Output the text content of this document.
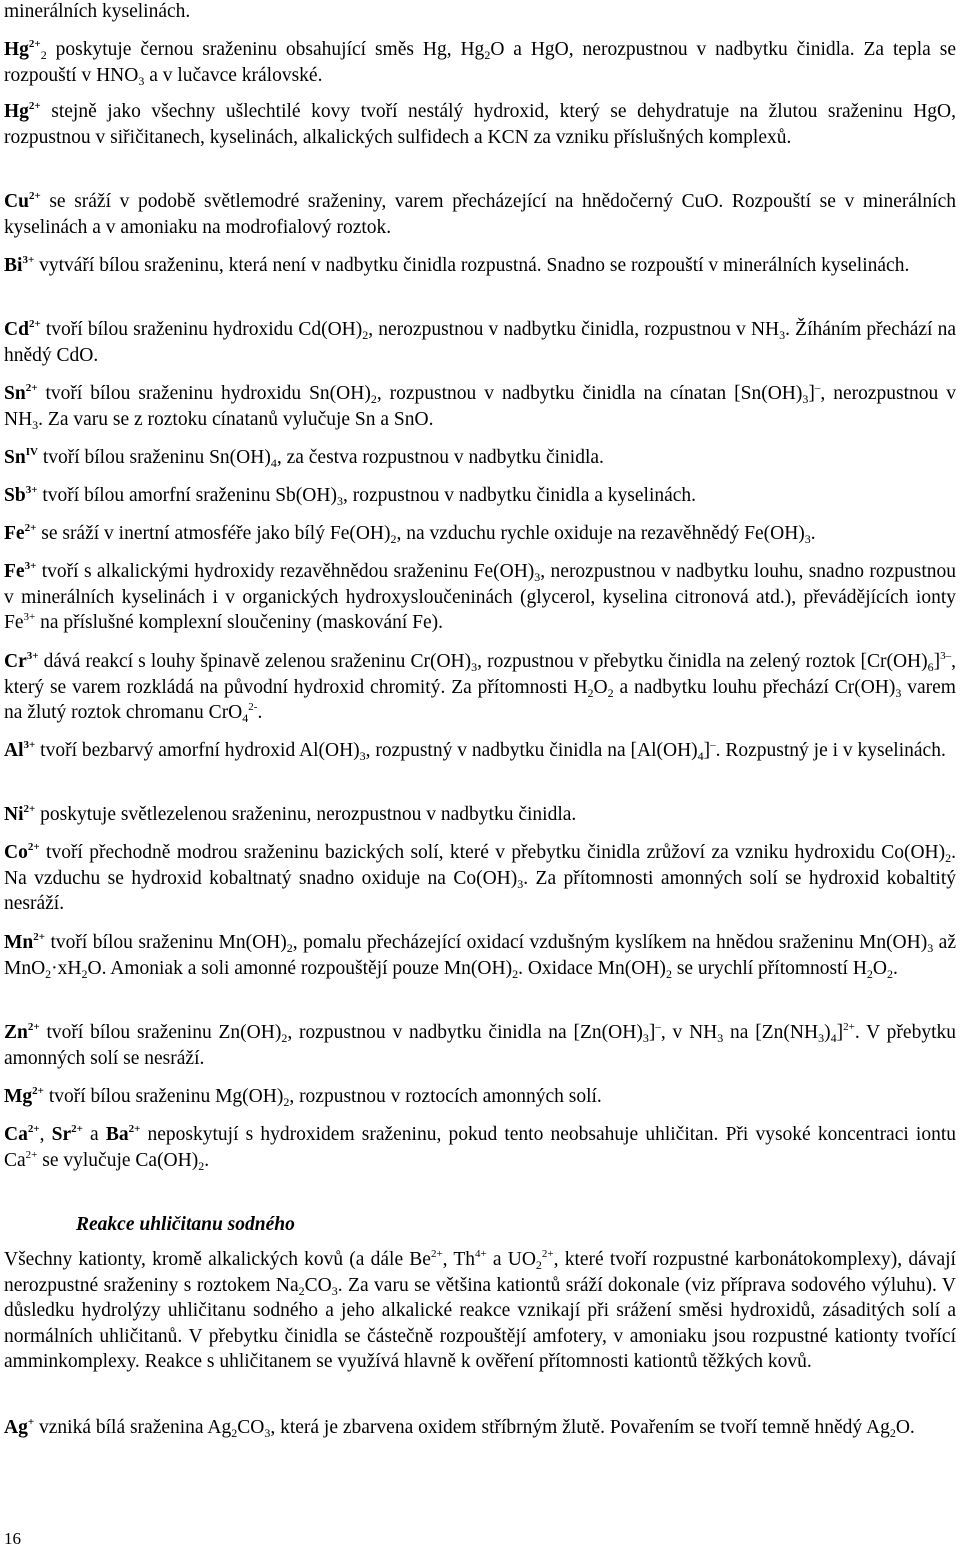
minerálních kyselinách.
$Hg^{2+}_2$ poskytuje černou sraženinu obsahující směs Hg, $Hg_2O$ a HgO, nerozpustnou v nadbytku činidla. Za tepla se rozpouští v $HNO_3$ a v lučavce královské.
$Hg^{2+}$ stejně jako všechny ušlechtilé kovy tvoří nestálý hydroxid, který se dehydratuje na žlutou sraženinu HgO, rozpustnou v siřičitanech, kyselinách, alkalických sulfidech a KCN za vzniku příslušných komplexů.
$Cu^{2+}$ se sráží v podobě světlemodré sraženiny, varem přecházející na hnědočerný CuO. Rozpouští se v minerálních kyselinách a v amoniaku na modrofialový roztok.
$Bi^{3+}$ vytváří bílou sraženinu, která není v nadbytku činidla rozpustná. Snadno se rozpouští v minerálních kyselinách.
$Cd^{2+}$ tvoří bílou sraženinu hydroxidu $Cd(OH)_2$, nerozpustnou v nadbytku činidla, rozpustnou v $NH_3$. Žíháním přechází na hnědý CdO.
$Sn^{2+}$ tvoří bílou sraženinu hydroxidu $Sn(OH)_2$, rozpustnou v nadbytku činidla na cínatan $[Sn(OH)_3]^-$, nerozpustnou v $NH_3$. Za varu se z roztoku cínatanů vylučuje Sn a SnO.
$Sn^{IV}$ tvoří bílou sraženinu $Sn(OH)_4$, za čestva rozpustnou v nadbytku činidla.
$Sb^{3+}$ tvoří bílou amorfní sraženinu $Sb(OH)_3$, rozpustnou v nadbytku činidla a kyselinách.
$Fe^{2+}$ se sráží v inertní atmosféře jako bílý $Fe(OH)_2$, na vzduchu rychle oxiduje na rezavěhnědý $Fe(OH)_3$.
$Fe^{3+}$ tvoří s alkalickými hydroxidy rezavěhnědou sraženinu $Fe(OH)_3$, nerozpustnou v nadbytku louhu, snadno rozpustnou v minerálních kyselinách i v organických hydroxysloučeninách (glycerol, kyselina citronová atd.), převádějících ionty $Fe^{3+}$ na příslušné komplexní sloučeniny (maskování Fe).
$Cr^{3+}$ dává reakcí s louhy špinavě zelenou sraženinu $Cr(OH)_3$, rozpustnou v přebytku činidla na zelený roztok $[Cr(OH)_6]^{3-}$, který se varem rozkládá na původní hydroxid chromitý. Za přítomnosti $H_2O_2$ a nadbytku louhu přechází $Cr(OH)_3$ varem na žlutý roztok chromanu CrO$_4^{2-}$.
$Al^{3+}$ tvoří bezbarvý amorfní hydroxid $Al(OH)_3$, rozpustný v nadbytku činidla na $[Al(OH)_4]^-$. Rozpustný je i v kyselinách.
$Ni^{2+}$ poskytuje světlezelenou sraženinu, nerozpustnou v nadbytku činidla.
$Co^{2+}$ tvoří přechodně modrou sraženinu bazických solí, které v přebytku činidla zrůžoví za vzniku hydroxidu $Co(OH)_2$. Na vzduchu se hydroxid kobaltnatý snadno oxiduje na $Co(OH)_3$. Za přítomnosti amonných solí se hydroxid kobaltitý nesráží.
$Mn^{2+}$ tvoří bílou sraženinu $Mn(OH)_2$, pomalu přecházející oxidací vzdušným kyslíkem na hnědou sraženinu $Mn(OH)_3$ až $MnO_2\cdot xH_2O$. Amoniak a soli amonné rozpouštějí pouze $Mn(OH)_2$. Oxidace $Mn(OH)_2$ se urychlí přítomností $H_2O_2$.
$Zn^{2+}$ tvoří bílou sraženinu $Zn(OH)_2$, rozpustnou v nadbytku činidla na $[Zn(OH)_3]^-$, v $NH_3$ na $[Zn(NH_3)_4]^{2+}$. V přebytku amonných solí se nesráží.
$Mg^{2+}$ tvoří bílou sraženinu $Mg(OH)_2$, rozpustnou v roztocích amonných solí.
$Ca^{2+}$, $Sr^{2+}$ a $Ba^{2+}$ neposkytují s hydroxidem sraženinu, pokud tento neobsahuje uhličitan. Při vysoké koncentraci iontu $Ca^{2+}$ se vylučuje $Ca(OH)_2$.
Reakce uhličitanu sodného
Všechny kationty, kromě alkalických kovů (a dále $Be^{2+}$, $Th^{4+}$ a $UO_2^{2+}$, které tvoří rozpustné karbonátokomplexy), dávají nerozpustné sraženiny s roztokem $Na_2CO_3$. Za varu se většina kationtů sráží dokonale (viz příprava sodového výluhu). V důsledku hydrolýzy uhličitanu sodného a jeho alkalické reakce vznikají při srážení směsi hydroxidů, zásaditých solí a normálních uhličitanů. V přebytku činidla se částečně rozpouštějí amfotery, v amoniaku jsou rozpustné kationty tvořící amminkomplexy. Reakce s uhličitanem se využívá hlavně k ověření přítomnosti kationtů těžkých kovů.
Ag+ vzniká bílá sraženina $Ag_2CO_3$, která je zbarvena oxidem stříbrným žlutě. Povařením se tvoří temně hnědý $Ag_2O$.
16
